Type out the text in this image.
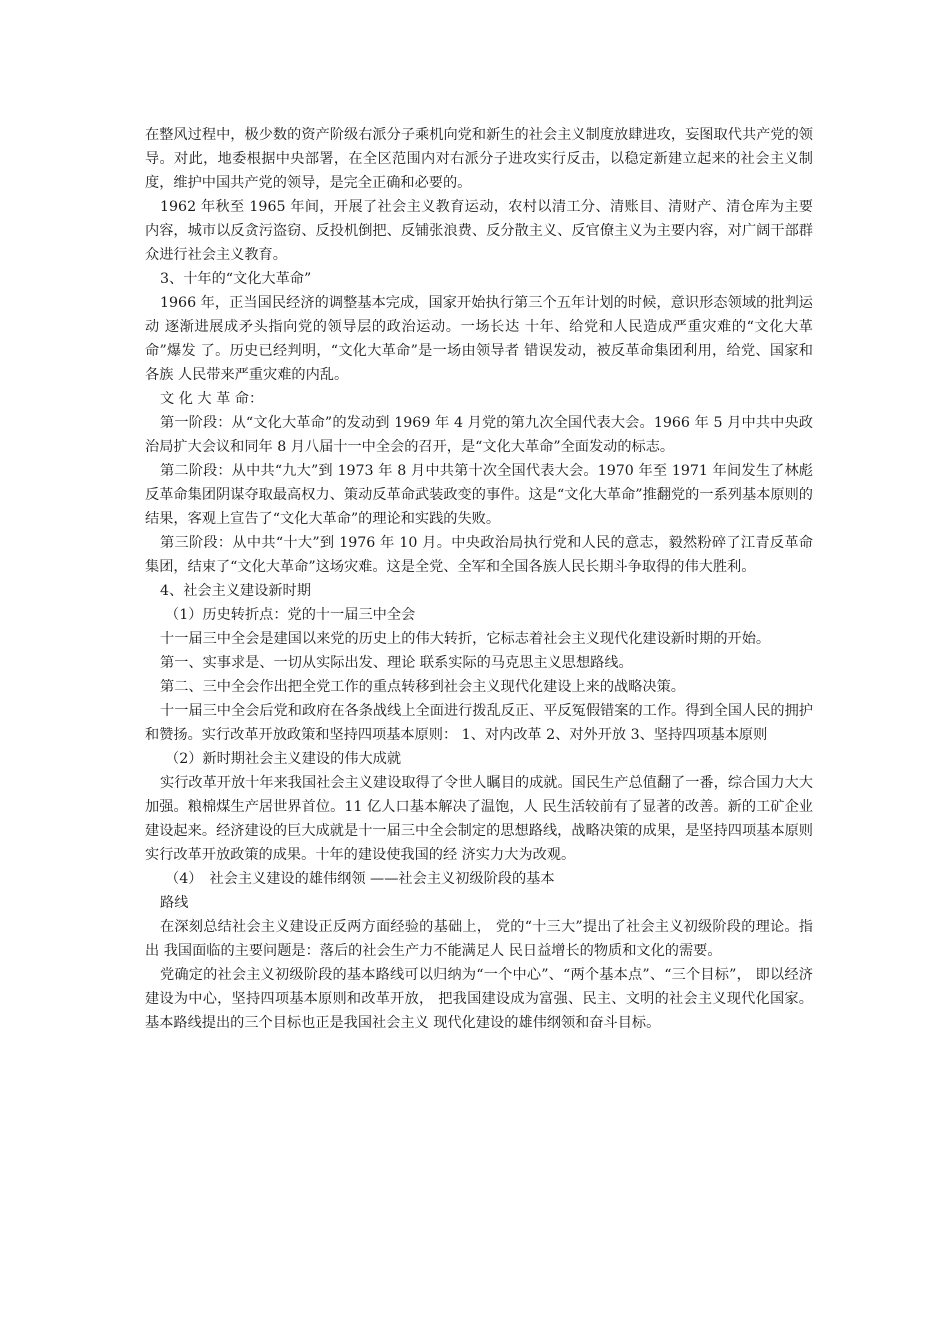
在整风过程中，极少数的资产阶级右派分子乘机向党和新生的社会主义制度放肆进攻，妄图取代共产党的领导。对此，地委根据中央部署，在全区范围内对右派分子进攻实行反击，以稳定新建立起来的社会主义制度，维护中国共产党的领导，是完全正确和必要的。

1962 年秋至 1965 年间，开展了社会主义教育运动，农村以清工分、清账目、清财产、清仓库为主要内容，城市以反贪污盗窃、反投机倒把、反铺张浪费、反分散主义、反官僚主义为主要内容，对广阔干部群众进行社会主义教育。

3、十年的“文化大革命”

1966 年，正当国民经济的调整基本完成，国家开始执行第三个五年计划的时候，意识形态领域的批判运动 逐渐进展成矛头指向党的领导层的政治运动。一场长达 十年、给党和人民造成严重灾难的“文化大革命”爆发 了。历史已经判明，“文化大革命”是一场由领导者 错误发动，被反革命集团利用，给党、国家和各族 人民带来严重灾难的内乱。

文 化 大 革 命：

第一阶段：从“文化大革命”的发动到 1969 年 4 月党的第九次全国代表大会。1966 年 5 月中共中央政治局扩大会议和同年 8 月八届十一中全会的召开，是“文化大革命”全面发动的标志。

第二阶段：从中共“九大”到 1973 年 8 月中共第十次全国代表大会。1970 年至 1971 年间发生了林彪反革命集团阴谋夺取最高权力、策动反革命武装政变的事件。这是“文化大革命”推翻党的一系列基本原则的结果，客观上宣告了“文化大革命”的理论和实践的失败。

第三阶段：从中共“十大”到 1976 年 10 月。中央政治局执行党和人民的意志，毅然粉碎了江青反革命集团，结束了“文化大革命”这场灾难。这是全党、全军和全国各族人民长期斗争取得的伟大胜利。

4、社会主义建设新时期

（1）历史转折点：党的十一届三中全会

十一届三中全会是建国以来党的历史上的伟大转折，它标志着社会主义现代化建设新时期的开始。

第一、实事求是、一切从实际出发、理论 联系实际的马克思主义思想路线。

第二、三中全会作出把全党工作的重点转移到社会主义现代化建设上来的战略决策。

十一届三中全会后党和政府在各条战线上全面进行拨乱反正、平反冤假错案的工作。得到全国人民的拥护和赞扬。实行改革开放政策和坚持四项基本原则： 1、对内改革 2、对外开放 3、坚持四项基本原则

（2）新时期社会主义建设的伟大成就

实行改革开放十年来我国社会主义建设取得了令世人瞩目的成就。国民生产总值翻了一番，综合国力大大加强。粮棉煤生产居世界首位。11 亿人口基本解决了温饱，人 民生活较前有了显著的改善。新的工矿企业建设起来。经济建设的巨大成就是十一届三中全会制定的思想路线，战略决策的成果，是坚持四项基本原则实行改革开放政策的成果。十年的建设使我国的经 济实力大为改观。

（4）　社会主义建设的雄伟纲领 ——社会主义初级阶段的基本

路线

在深刻总结社会主义建设正反两方面经验的基础上， 党的“十三大”提出了社会主义初级阶段的理论。指出 我国面临的主要问题是：落后的社会生产力不能满足人 民日益增长的物质和文化的需要。

党确定的社会主义初级阶段的基本路线可以归纳为“一个中心”、“两个基本点”、“三个目标”， 即以经济建设为中心，坚持四项基本原则和改革开放， 把我国建设成为富强、民主、文明的社会主义现代化国家。基本路线提出的三个目标也正是我国社会主义 现代化建设的雄伟纲领和奋斗目标。
